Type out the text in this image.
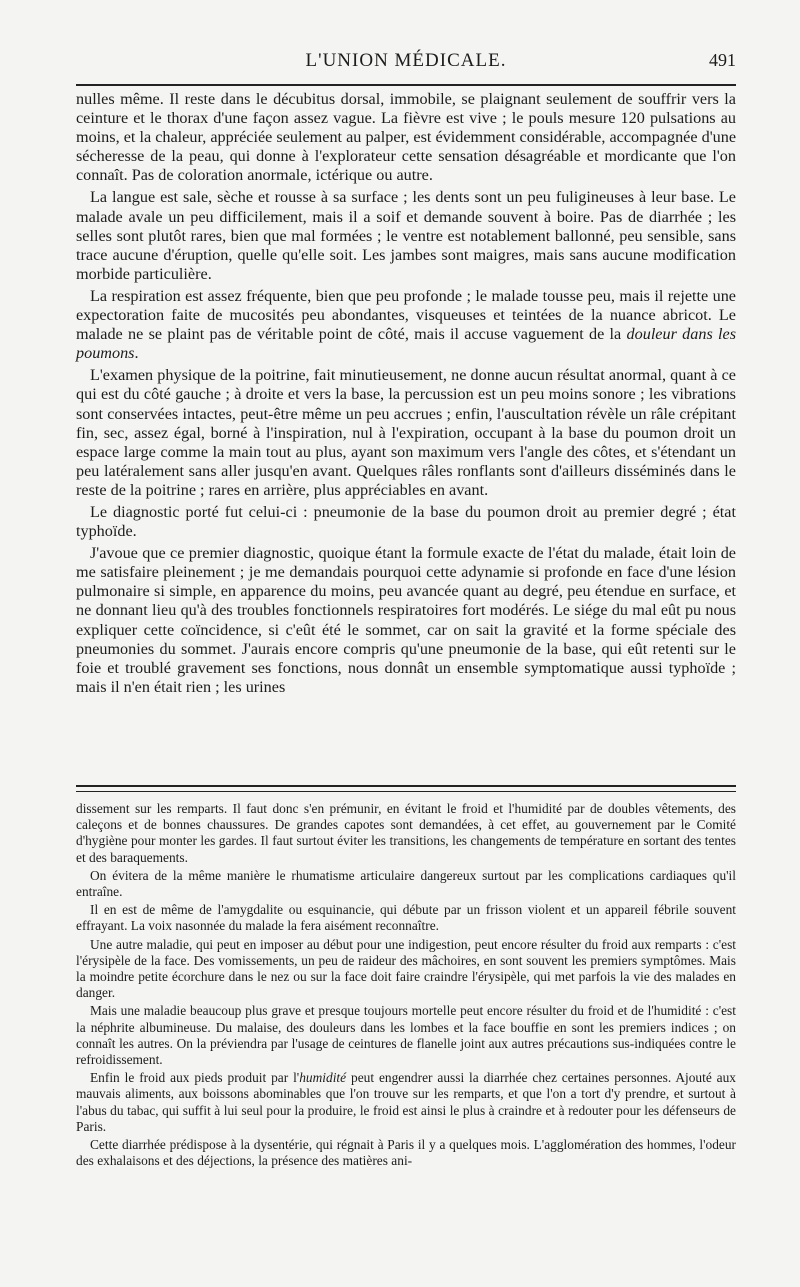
L'UNION MÉDICALE.	491

nulles même. Il reste dans le décubitus dorsal, immobile, se plaignant seulement de souffrir vers la ceinture et le thorax d'une façon assez vague. La fièvre est vive ; le pouls mesure 120 pulsations au moins, et la chaleur, appréciée seulement au palper, est évidemment considérable, accompagnée d'une sécheresse de la peau, qui donne à l'explorateur cette sensation désagréable et mordicante que l'on connaît. Pas de coloration anormale, ictérique ou autre.

La langue est sale, sèche et rousse à sa surface ; les dents sont un peu fuligineuses à leur base. Le malade avale un peu difficilement, mais il a soif et demande souvent à boire. Pas de diarrhée ; les selles sont plutôt rares, bien que mal formées ; le ventre est notablement ballonné, peu sensible, sans trace aucune d'éruption, quelle qu'elle soit. Les jambes sont maigres, mais sans aucune modification morbide particulière.

La respiration est assez fréquente, bien que peu profonde ; le malade tousse peu, mais il rejette une expectoration faite de mucosités peu abondantes, visqueuses et teintées de la nuance abricot. Le malade ne se plaint pas de véritable point de côté, mais il accuse vaguement de la douleur dans les poumons.

L'examen physique de la poitrine, fait minutieusement, ne donne aucun résultat anormal, quant à ce qui est du côté gauche ; à droite et vers la base, la percussion est un peu moins sonore ; les vibrations sont conservées intactes, peut-être même un peu accrues ; enfin, l'auscultation révèle un râle crépitant fin, sec, assez égal, borné à l'inspiration, nul à l'expiration, occupant à la base du poumon droit un espace large comme la main tout au plus, ayant son maximum vers l'angle des côtes, et s'étendant un peu latéralement sans aller jusqu'en avant. Quelques râles ronflants sont d'ailleurs disséminés dans le reste de la poitrine ; rares en arrière, plus appréciables en avant.

Le diagnostic porté fut celui-ci : pneumonie de la base du poumon droit au premier degré ; état typhoïde.

J'avoue que ce premier diagnostic, quoique étant la formule exacte de l'état du malade, était loin de me satisfaire pleinement ; je me demandais pourquoi cette adynamie si profonde en face d'une lésion pulmonaire si simple, en apparence du moins, peu avancée quant au degré, peu étendue en surface, et ne donnant lieu qu'à des troubles fonctionnels respiratoires fort modérés. Le siége du mal eût pu nous expliquer cette coïncidence, si c'eût été le sommet, car on sait la gravité et la forme spéciale des pneumonies du sommet. J'aurais encore compris qu'une pneumonie de la base, qui eût retenti sur le foie et troublé gravement ses fonctions, nous donnât un ensemble symptomatique aussi typhoïde ; mais il n'en était rien ; les urines

dissement sur les remparts. Il faut donc s'en prémunir, en évitant le froid et l'humidité par de doubles vêtements, des caleçons et de bonnes chaussures. De grandes capotes sont demandées, à cet effet, au gouvernement par le Comité d'hygiène pour monter les gardes. Il faut surtout éviter les transitions, les changements de température en sortant des tentes et des baraquements.

On évitera de la même manière le rhumatisme articulaire dangereux surtout par les complications cardiaques qu'il entraîne.

Il en est de même de l'amygdalite ou esquinancie, qui débute par un frisson violent et un appareil fébrile souvent effrayant. La voix nasonnée du malade la fera aisément reconnaître.

Une autre maladie, qui peut en imposer au début pour une indigestion, peut encore résulter du froid aux remparts : c'est l'érysipèle de la face. Des vomissements, un peu de raideur des mâchoires, en sont souvent les premiers symptômes. Mais la moindre petite écorchure dans le nez ou sur la face doit faire craindre l'érysipèle, qui met parfois la vie des malades en danger.

Mais une maladie beaucoup plus grave et presque toujours mortelle peut encore résulter du froid et de l'humidité : c'est la néphrite albumineuse. Du malaise, des douleurs dans les lombes et la face bouffie en sont les premiers indices ; on connaît les autres. On la préviendra par l'usage de ceintures de flanelle joint aux autres précautions sus-indiquées contre le refroidissement.

Enfin le froid aux pieds produit par l'humidité peut engendrer aussi la diarrhée chez certaines personnes. Ajouté aux mauvais aliments, aux boissons abominables que l'on trouve sur les remparts, et que l'on a tort d'y prendre, et surtout à l'abus du tabac, qui suffit à lui seul pour la produire, le froid est ainsi le plus à craindre et à redouter pour les défenseurs de Paris.

Cette diarrhée prédispose à la dysentérie, qui régnait à Paris il y a quelques mois. L'agglomération des hommes, l'odeur des exhalaisons et des déjections, la présence des matières ani-
